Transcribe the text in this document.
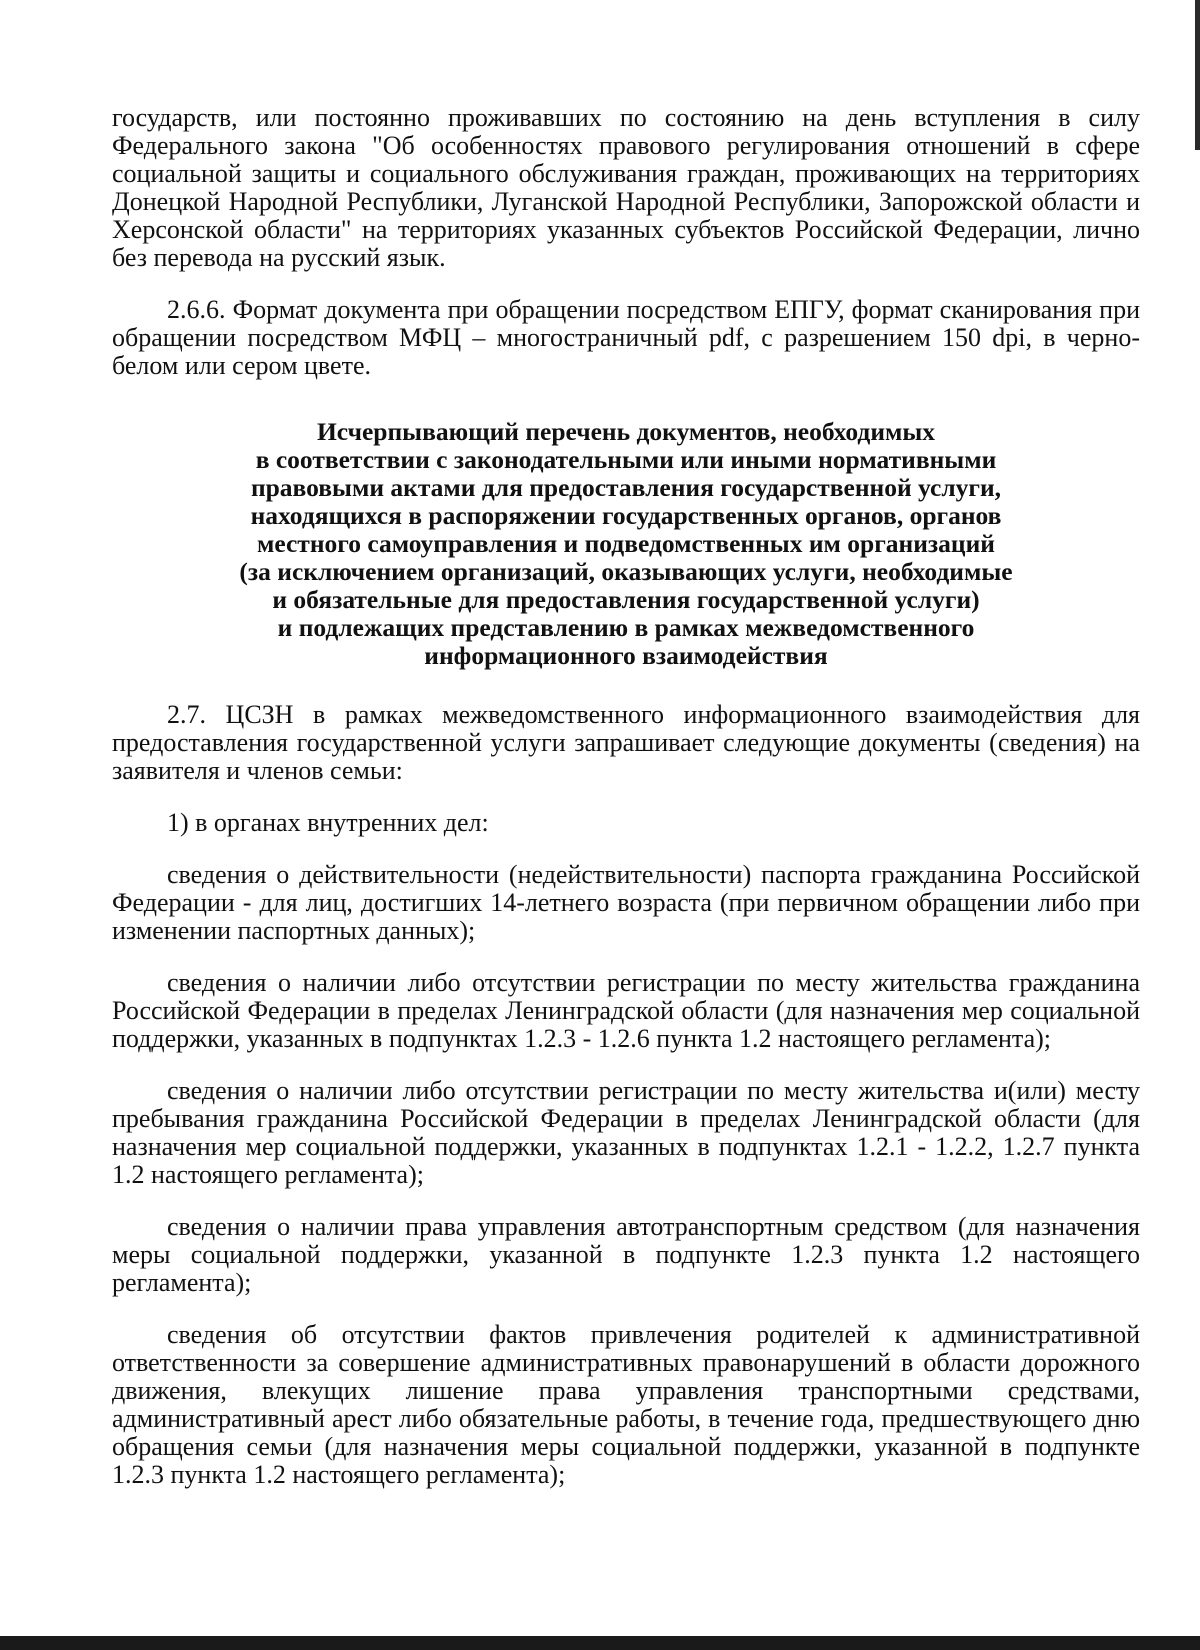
государств, или постоянно проживавших по состоянию на день вступления в силу Федерального закона "Об особенностях правового регулирования отношений в сфере социальной защиты и социального обслуживания граждан, проживающих на территориях Донецкой Народной Республики, Луганской Народной Республики, Запорожской области и Херсонской области" на территориях указанных субъектов Российской Федерации, лично без перевода на русский язык.

2.6.6. Формат документа при обращении посредством ЕПГУ, формат сканирования при обращении посредством МФЦ – многостраничный pdf, с разрешением 150 dpi, в черно-белом или сером цвете.

Исчерпывающий перечень документов, необходимых
в соответствии с законодательными или иными нормативными
правовыми актами для предоставления государственной услуги,
находящихся в распоряжении государственных органов, органов
местного самоуправления и подведомственных им организаций
(за исключением организаций, оказывающих услуги, необходимые
и обязательные для предоставления государственной услуги)
и подлежащих представлению в рамках межведомственного
информационного взаимодействия

2.7. ЦСЗН в рамках межведомственного информационного взаимодействия для предоставления государственной услуги запрашивает следующие документы (сведения) на заявителя и членов семьи:

1) в органах внутренних дел:

сведения о действительности (недействительности) паспорта гражданина Российской Федерации - для лиц, достигших 14-летнего возраста (при первичном обращении либо при изменении паспортных данных);

сведения о наличии либо отсутствии регистрации по месту жительства гражданина Российской Федерации в пределах Ленинградской области (для назначения мер социальной поддержки, указанных в подпунктах 1.2.3 - 1.2.6 пункта 1.2 настоящего регламента);

сведения о наличии либо отсутствии регистрации по месту жительства и(или) месту пребывания гражданина Российской Федерации в пределах Ленинградской области (для назначения мер социальной поддержки, указанных в подпунктах 1.2.1 - 1.2.2, 1.2.7 пункта 1.2 настоящего регламента);

сведения о наличии права управления автотранспортным средством (для назначения меры социальной поддержки, указанной в подпункте 1.2.3 пункта 1.2 настоящего регламента);

сведения об отсутствии фактов привлечения родителей к административной ответственности за совершение административных правонарушений в области дорожного движения, влекущих лишение права управления транспортными средствами, административный арест либо обязательные работы, в течение года, предшествующего дню обращения семьи (для назначения меры социальной поддержки, указанной в подпункте 1.2.3 пункта 1.2 настоящего регламента);
